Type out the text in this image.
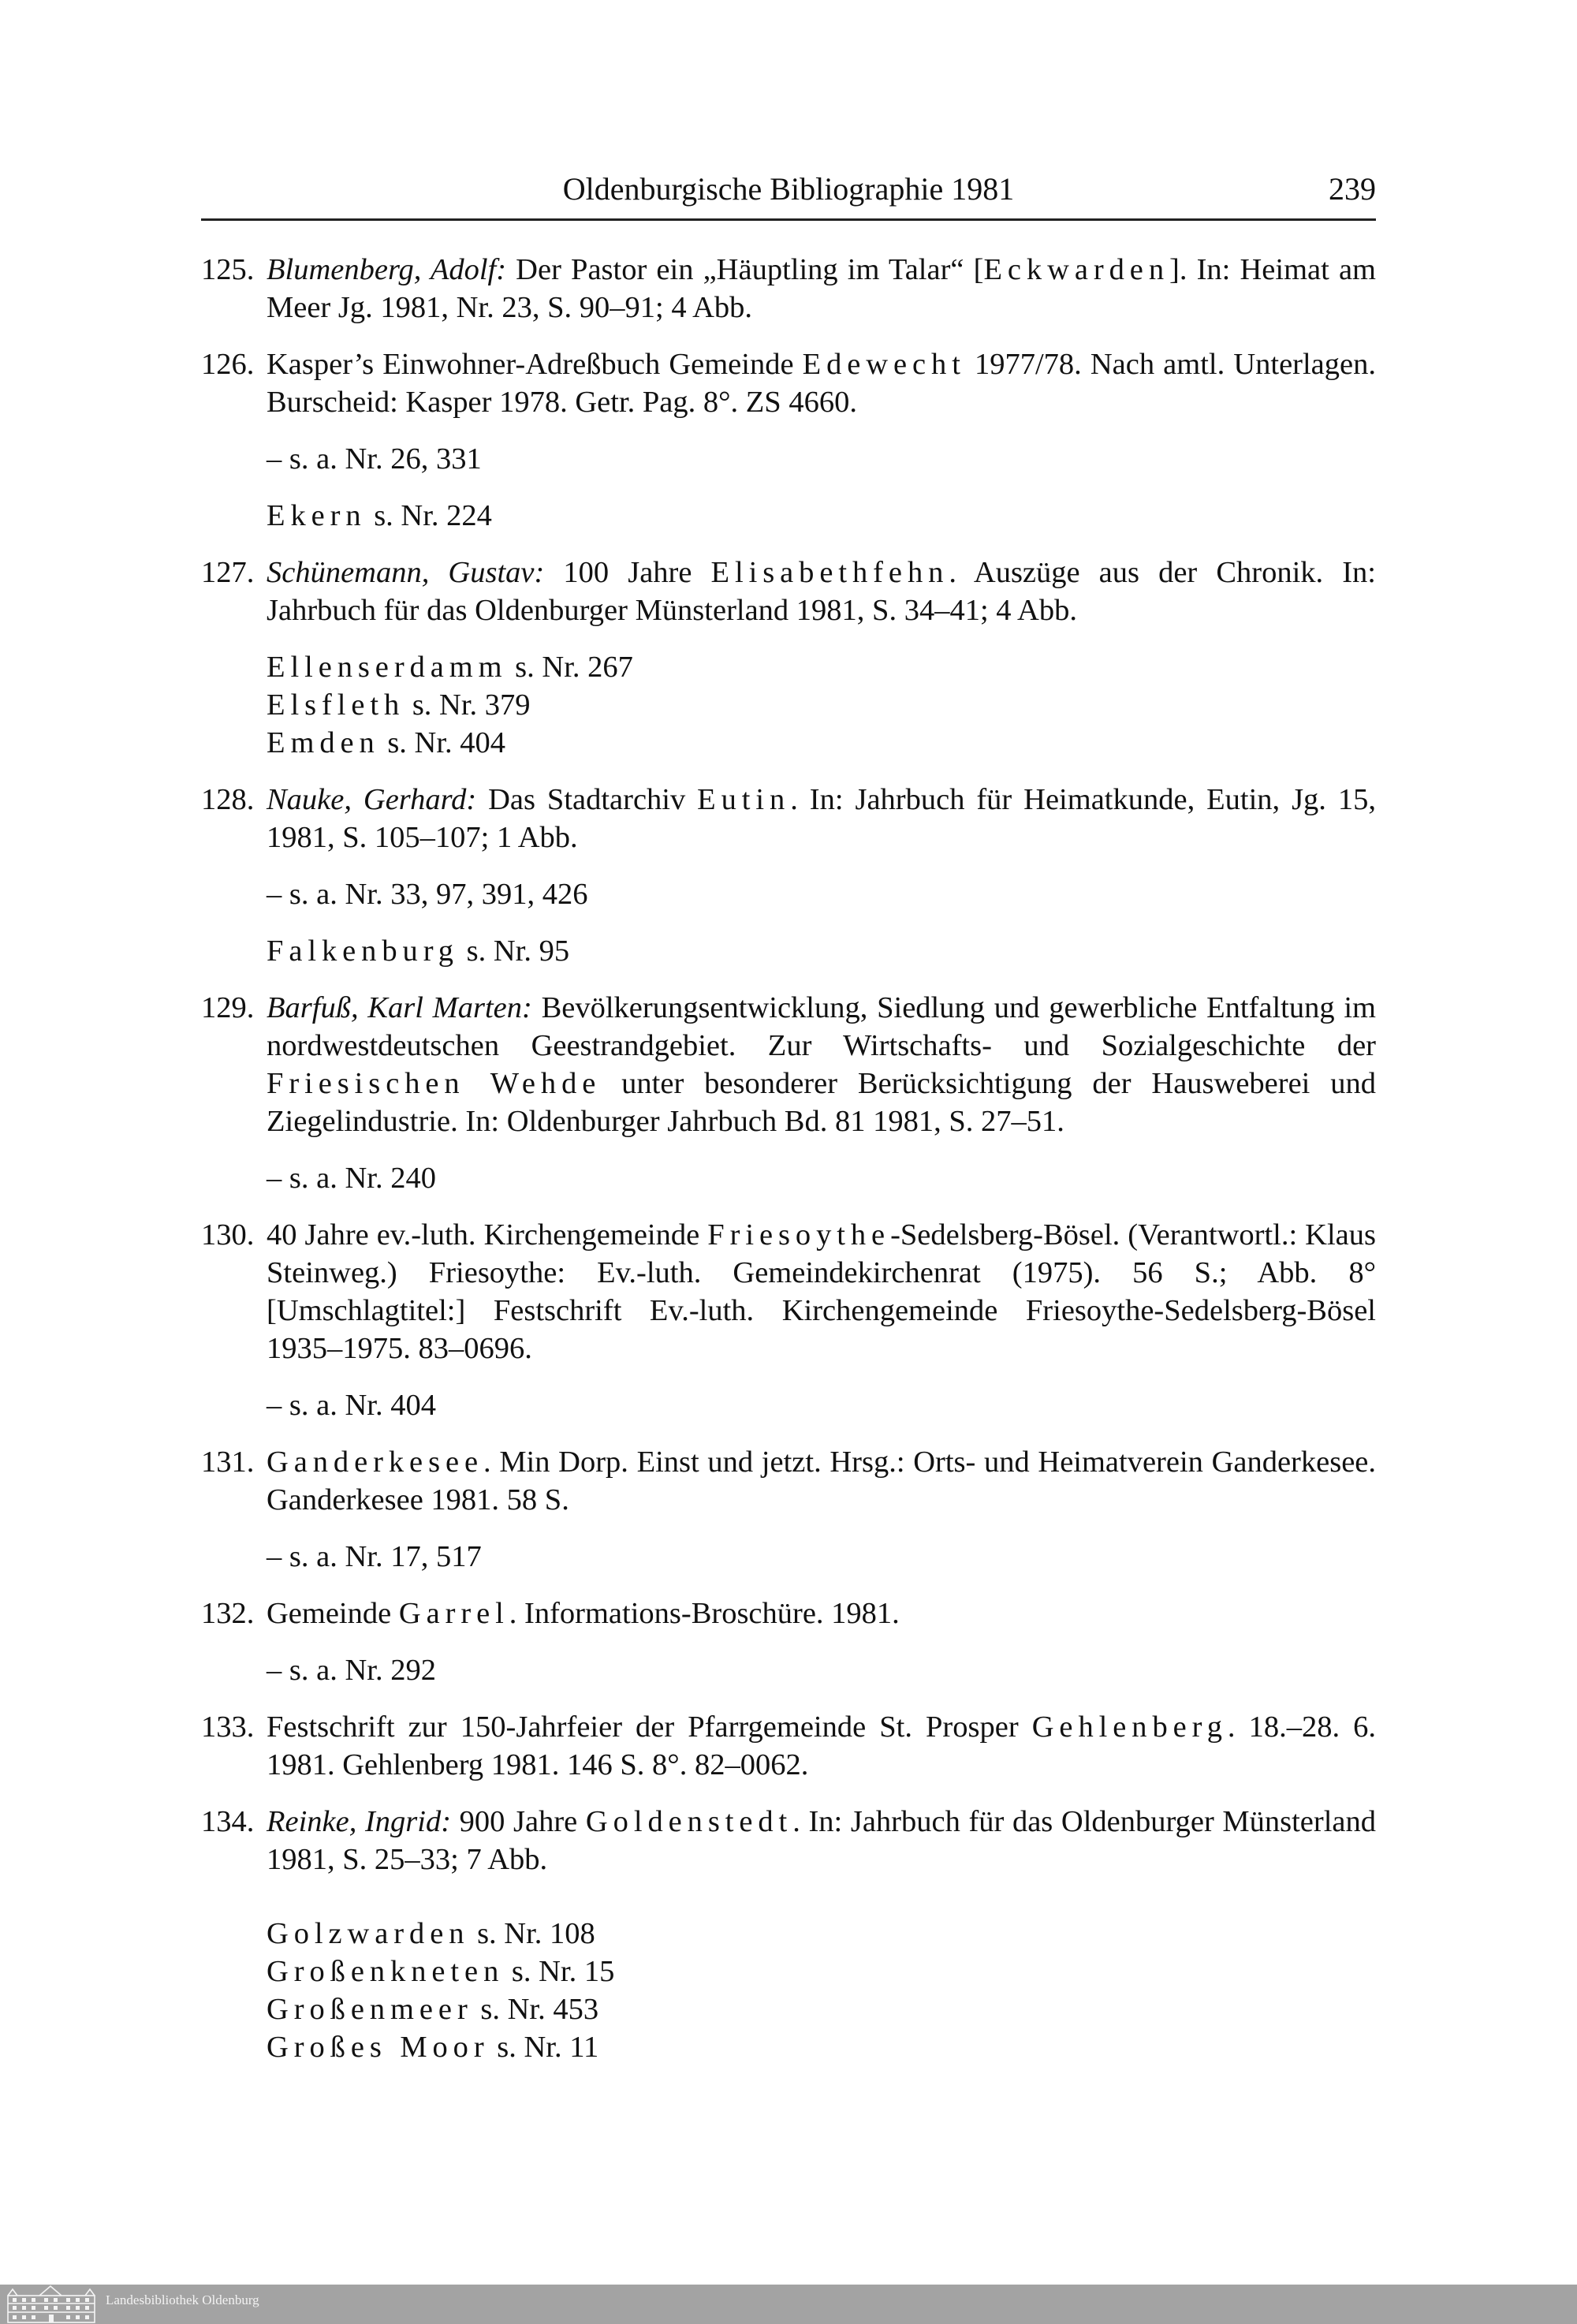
Oldenburgische Bibliographie 1981	239
125. Blumenberg, Adolf: Der Pastor ein „Häuptling im Talar“ [Eckwarden]. In: Heimat am Meer Jg. 1981, Nr. 23, S. 90–91; 4 Abb.
126. Kasper’s Einwohner-Adreßbuch Gemeinde Edewecht 1977/78. Nach amtl. Unterlagen. Burscheid: Kasper 1978. Getr. Pag. 8°. ZS 4660.
– s. a. Nr. 26, 331
Ekern s. Nr. 224
127. Schünemann, Gustav: 100 Jahre Elisabethfehn. Auszüge aus der Chronik. In: Jahrbuch für das Oldenburger Münsterland 1981, S. 34–41; 4 Abb.
Ellenserdamm s. Nr. 267
Elsfleth s. Nr. 379
Emden s. Nr. 404
128. Nauke, Gerhard: Das Stadtarchiv Eutin. In: Jahrbuch für Heimatkunde, Eutin, Jg. 15, 1981, S. 105–107; 1 Abb.
– s. a. Nr. 33, 97, 391, 426
Falkenburg s. Nr. 95
129. Barfuß, Karl Marten: Bevölkerungsentwicklung, Siedlung und gewerbliche Entfaltung im nordwestdeutschen Geestrandgebiet. Zur Wirtschafts- und Sozialgeschichte der Friesischen Wehde unter besonderer Berücksichtigung der Hausweberei und Ziegelindustrie. In: Oldenburger Jahrbuch Bd. 81 1981, S. 27–51.
– s. a. Nr. 240
130. 40 Jahre ev.-luth. Kirchengemeinde Friesoythe-Sedelsberg-Bösel. (Verantwortl.: Klaus Steinweg.) Friesoythe: Ev.-luth. Gemeindekirchenrat (1975). 56 S.; Abb. 8° [Umschlagtitel:] Festschrift Ev.-luth. Kirchengemeinde Friesoythe-Sedelsberg-Bösel 1935–1975. 83–0696.
– s. a. Nr. 404
131. Ganderkesee. Min Dorp. Einst und jetzt. Hrsg.: Orts- und Heimatverein Ganderkesee. Ganderkesee 1981. 58 S.
– s. a. Nr. 17, 517
132. Gemeinde Garrel. Informations-Broschüre. 1981.
– s. a. Nr. 292
133. Festschrift zur 150-Jahrfeier der Pfarrgemeinde St. Prosper Gehlenberg. 18.–28. 6. 1981. Gehlenberg 1981. 146 S. 8°. 82–0062.
134. Reinke, Ingrid: 900 Jahre Goldenstedt. In: Jahrbuch für das Oldenburger Münsterland 1981, S. 25–33; 7 Abb.
Golzwarden s. Nr. 108
Großenkneten s. Nr. 15
Großenmeer s. Nr. 453
Großes Moor s. Nr. 11
Landesbibliothek Oldenburg
